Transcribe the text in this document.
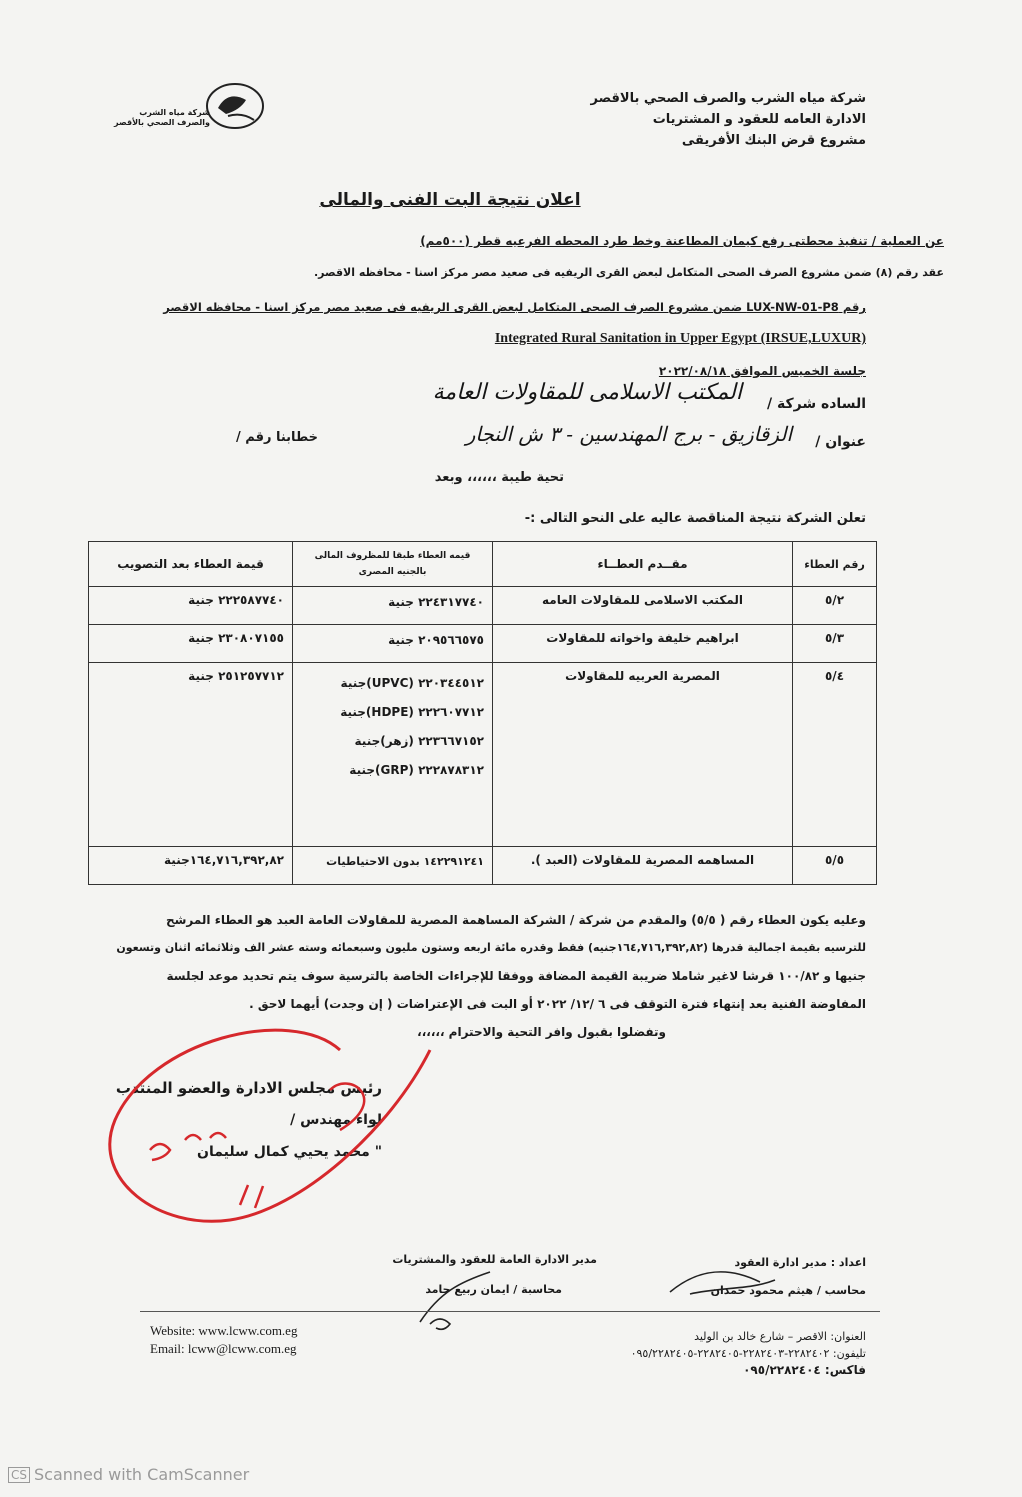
شركة مياه الشرب
والصرف الصحي بالأقصر
شركة مياه الشرب والصرف الصحي بالاقصر
الادارة العامه للعقود و المشتريات
مشروع قرض البنك الأفريقى
اعلان نتيجة البت الفنى والمالى
عن العملية / تنفيذ محطتى رفع كيمان المطاعنة وخط طرد المحطه الفرعيه قطر (٥٠٠مم)
عقد رقم (٨) ضمن مشروع الصرف الصحى المتكامل لبعض القرى الريفيه فى صعيد مصر مركز اسنا - محافظه الاقصر.
رقم LUX-NW-01-P8 ضمن مشروع الصرف الصحى المتكامل لبعض القرى الريفيه فى صعيد مصر مركز اسنا - محافظه الاقصر
Integrated Rural Sanitation in Upper Egypt (IRSUE,LUXUR)
جلسة الخميس الموافق ٢٠٢٢/٠٨/١٨
الساده شركة /
المكتب الاسلامى للمقاولات العامة
عنوان /
الزقازيق - برج المهندسين - ٣ ش النجار
خطابنا رقم /
تحية طيبة ،،،،،، وبعد
تعلن الشركة نتيجة المناقصة عاليه على النحو التالى :-
رقم العطاء	مقــدم العطــاء	قيمه العطاء طبقا للمظروف المالى بالجنيه المصرى	قيمة العطاء بعد التصويب
٥/٢	المكتب الاسلامى للمقاولات العامه	٢٢٤٣١٧٧٤٠ جنية	٢٢٢٥٨٧٧٤٠ جنية
٥/٣	ابراهيم خليفة واخواته للمقاولات	٢٠٩٥٦٦٥٧٥ جنية	٢٣٠٨٠٧١٥٥ جنية
٥/٤	المصرية العربيه للمقاولات	٢٢٠٣٤٤٥١٢ (UPVC)جنية
٢٢٢٦٠٧٧١٢ (HDPE)جنية
٢٢٣٦٦٧١٥٢ (زهر)جنية
٢٢٢٨٧٨٣١٢ (GRP)جنية	٢٥١٢٥٧٧١٢ جنية
٥/٥	المساهمه المصرية للمقاولات (العبد ).	١٤٢٢٩١٢٤١ بدون الاحتياطيات	١٦٤,٧١٦,٣٩٢,٨٢جنية
وعليه يكون العطاء رقم ( ٥/٥) والمقدم من شركة / الشركة المساهمة المصرية للمقاولات العامة العبد هو العطاء المرشح
للترسيه بقيمة اجمالية قدرها (١٦٤,٧١٦,٣٩٢,٨٢جنيه) فقط وقدره مائة اربعه وستون مليون وسبعمائه وسته عشر الف وثلاثمائه اثنان وتسعون
جنيها و ١٠٠/٨٢ قرشا لاغير شاملا ضريبة القيمة المضافة ووفقا للإجراءات الخاصة بالترسية سوف يتم تحديد موعد لجلسة
المفاوضة الفنية بعد إنتهاء فترة التوقف فى ٦ /١٢/ ٢٠٢٢ أو البت فى الإعتراضات ( إن وجدت) أيهما لاحق .
وتفضلوا بقبول وافر التحية والاحترام ،،،،،،
رئيس مجلس الادارة والعضو المنتدب
لواء مهندس /
" محمد يحيي كمال سليمان
اعداد : مدير ادارة العقود
محاسب / هيثم محمود حمدان
مدير الادارة العامة للعقود والمشتريات
محاسبة / ايمان ربيع حامد
Website: www.lcww.com.eg
Email: lcww@lcww.com.eg
العنوان: الاقصر – شارع خالد بن الوليد
تليفون: ٢٢٨٢٤٠٢-٢٢٨٢٤٠٣-٢٢٨٢٤٠٥-٠٩٥/٢٢٨٢٤٠٥
فاكس: ٠٩٥/٢٢٨٢٤٠٤
CS Scanned with CamScanner
